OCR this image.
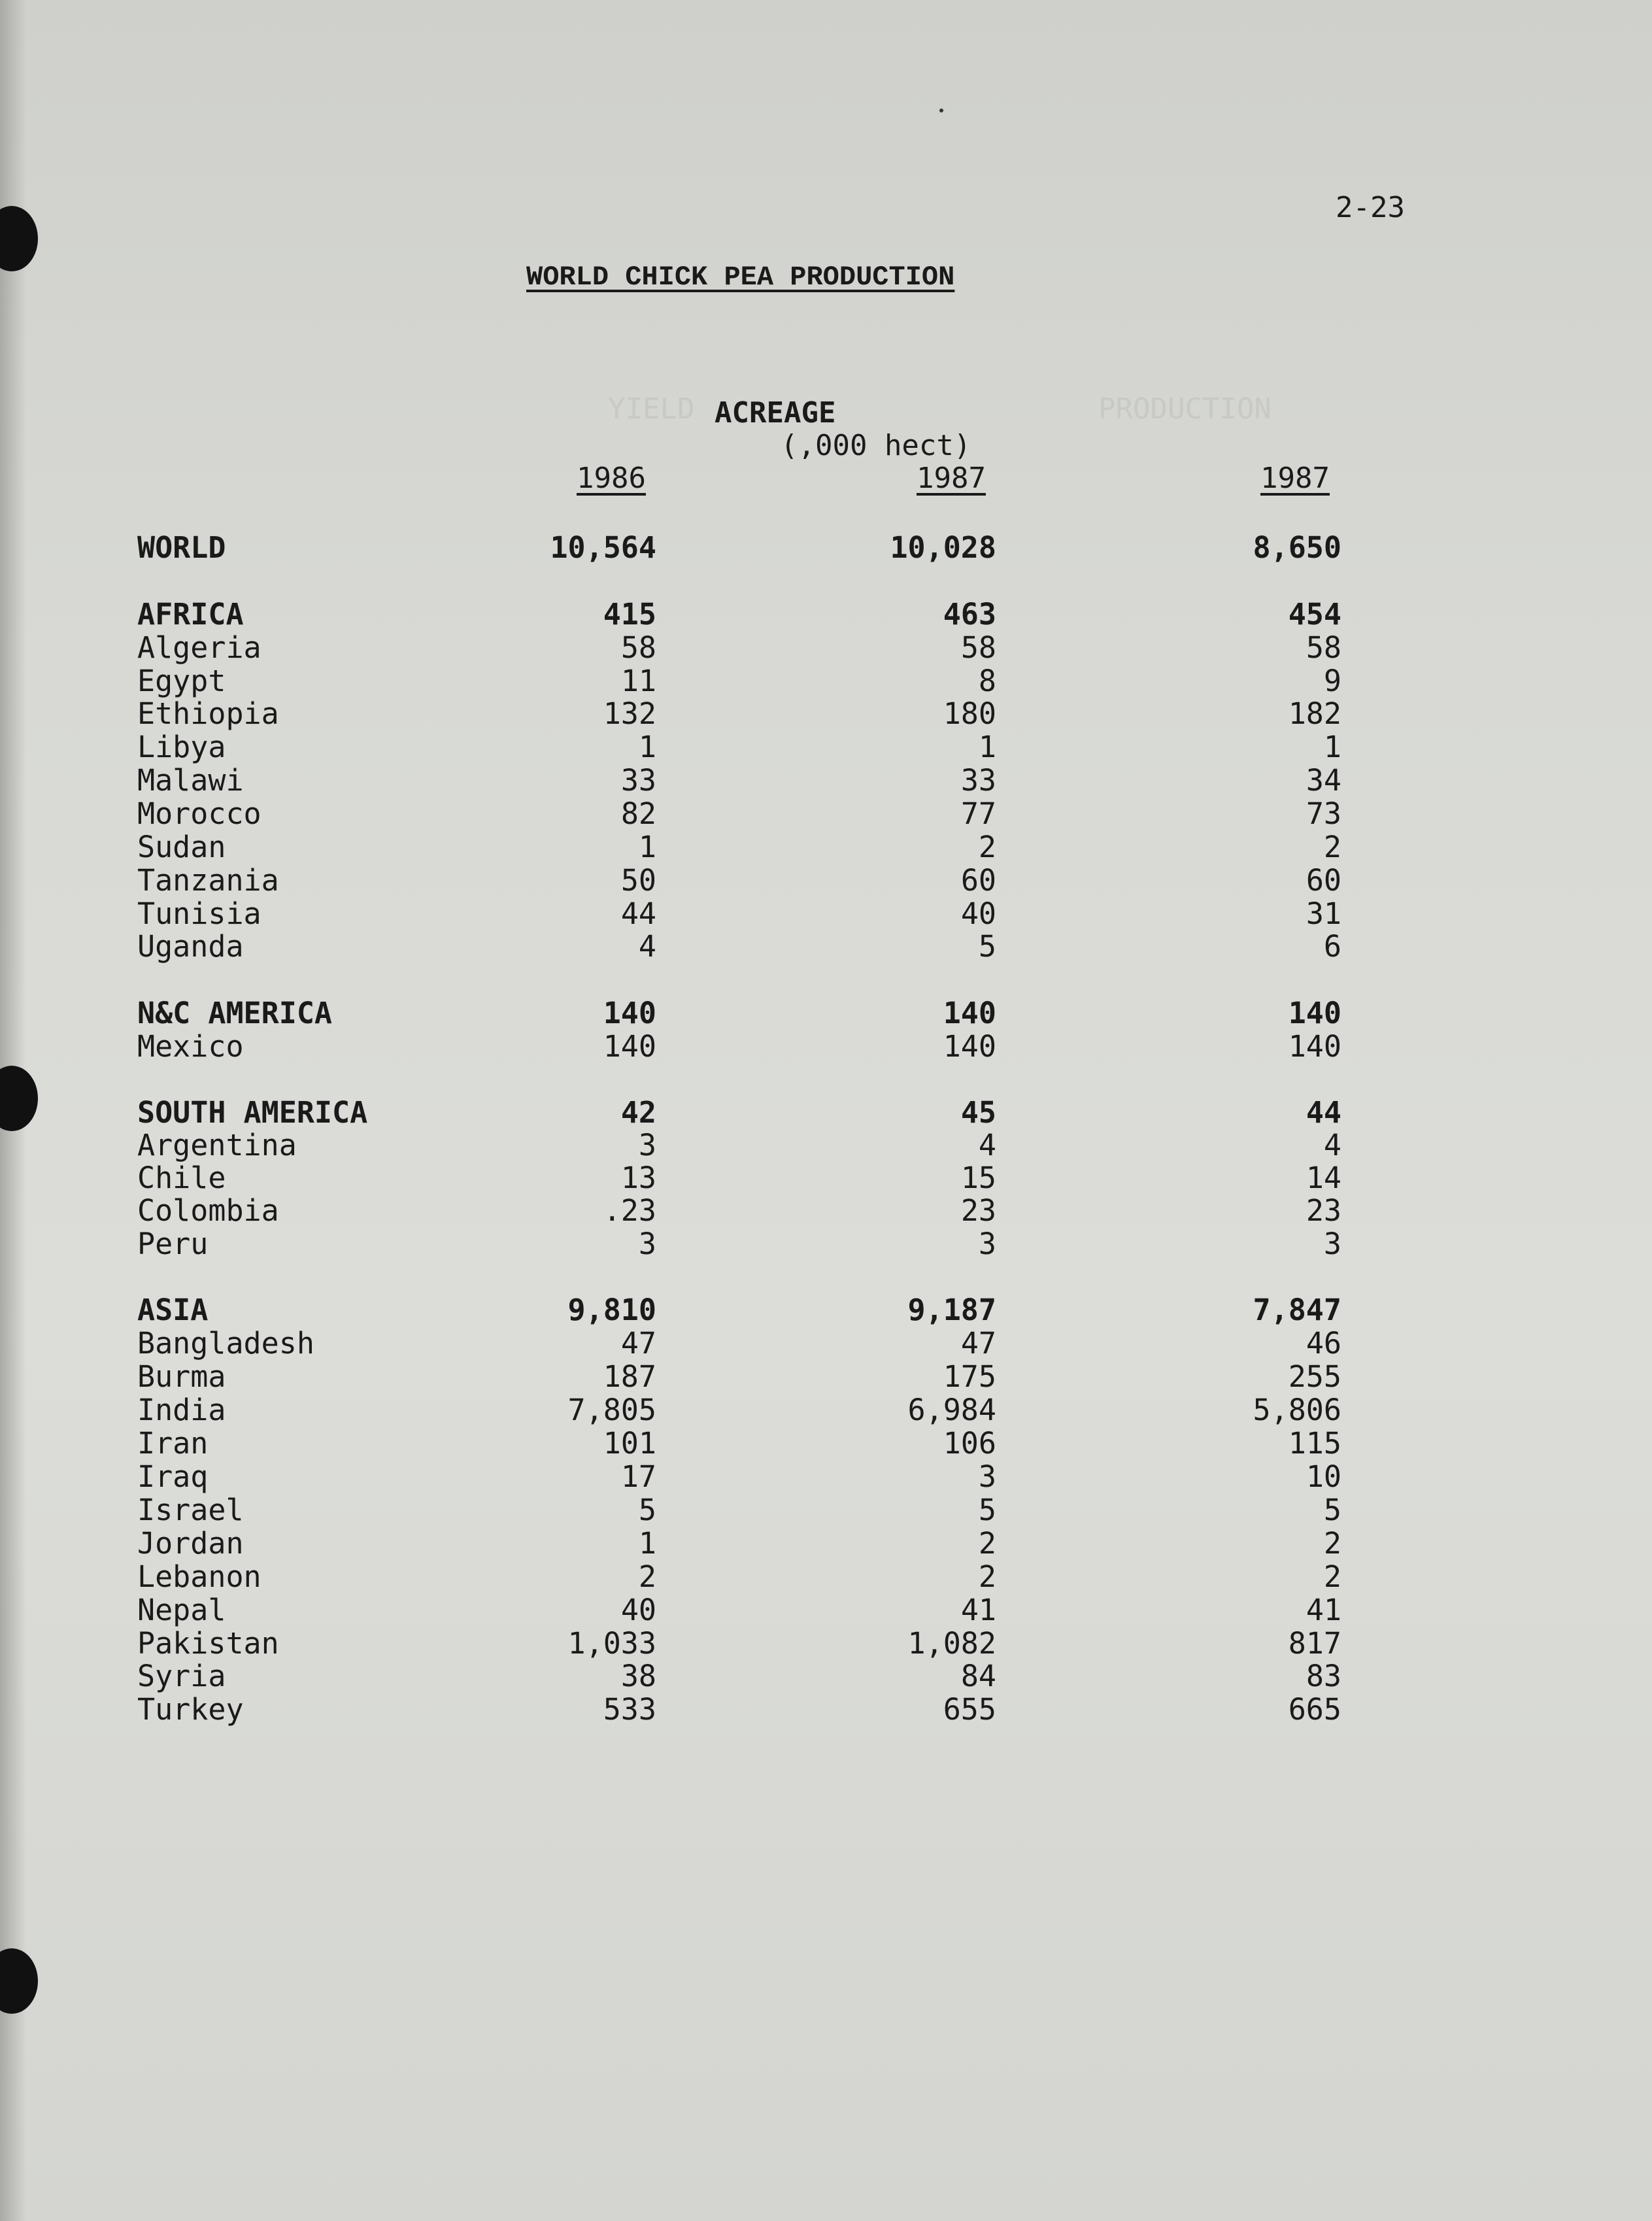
YIELD	PRODUCTION
2-23
WORLD CHICK PEA PRODUCTION
ACREAGE
(,000 hect)
1986	1987	1987
WORLD	10,564	10,028	8,650
AFRICA	415	463	454
Algeria	58	58	58
Egypt	11	8	9
Ethiopia	132	180	182
Libya	1	1	1
Malawi	33	33	34
Morocco	82	77	73
Sudan	1	2	2
Tanzania	50	60	60
Tunisia	44	40	31
Uganda	4	5	6
N&C AMERICA	140	140	140
Mexico	140	140	140
SOUTH AMERICA	42	45	44
Argentina	3	4	4
Chile	13	15	14
Colombia	.23	23	23
Peru	3	3	3
ASIA	9,810	9,187	7,847
Bangladesh	47	47	46
Burma	187	175	255
India	7,805	6,984	5,806
Iran	101	106	115
Iraq	17	3	10
Israel	5	5	5
Jordan	1	2	2
Lebanon	2	2	2
Nepal	40	41	41
Pakistan	1,033	1,082	817
Syria	38	84	83
Turkey	533	655	665
